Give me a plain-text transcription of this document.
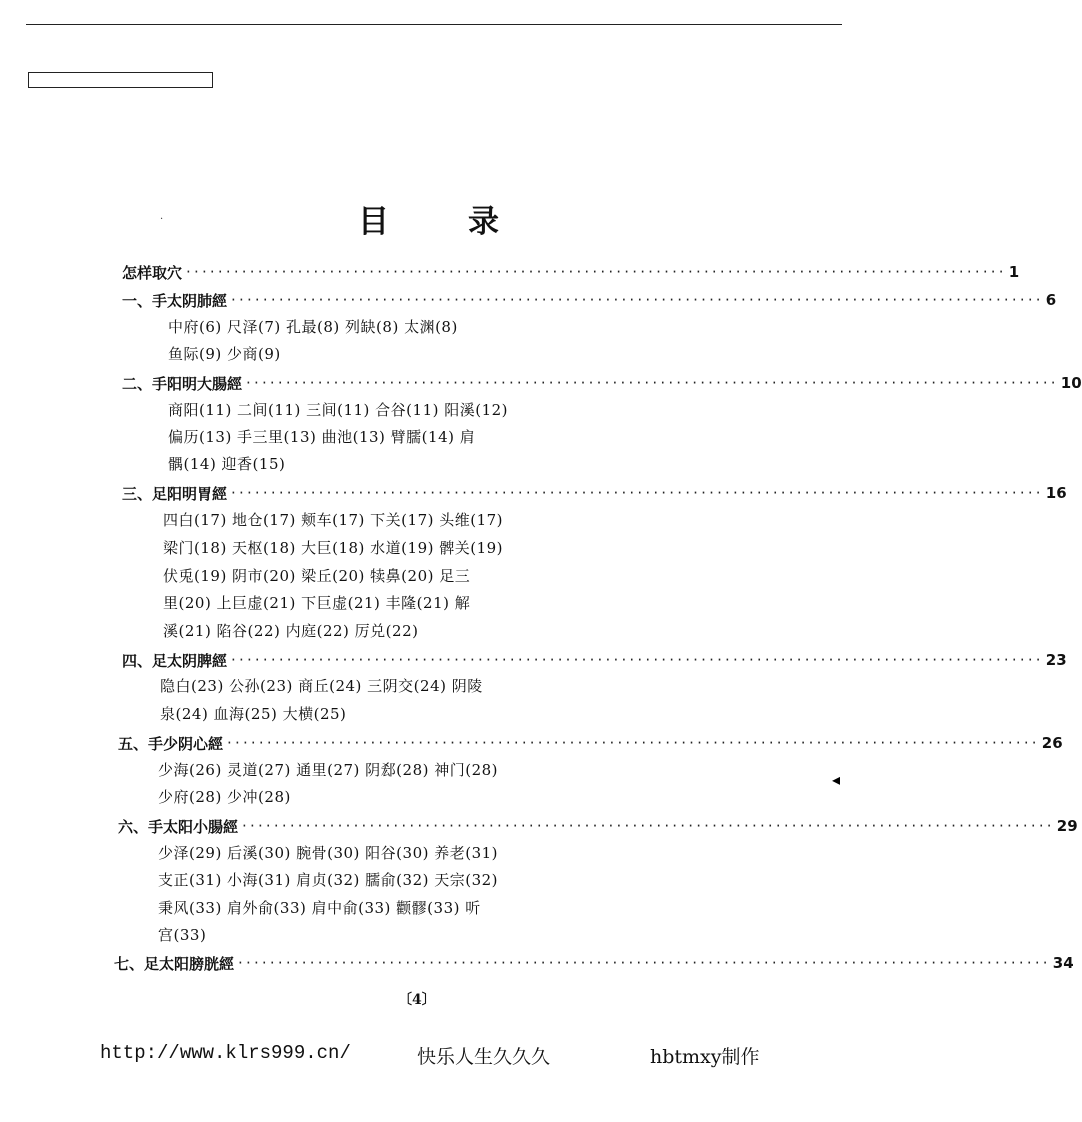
目	录
怎样取穴 ······································································································· 1
一、手太阴肺經 ······································································································ 6
中府(6) 尺泽(7) 孔最(8) 列缺(8) 太渊(8)
鱼际(9) 少商(9)
二、手阳明大腸經 ······································································································ 10
商阳(11) 二间(11) 三间(11) 合谷(11) 阳溪(12)
偏历(13) 手三里(13) 曲池(13) 臂臑(14) 肩
髃(14) 迎香(15)
三、足阳明胃經 ······································································································ 16
四白(17) 地仓(17) 颊车(17) 下关(17) 头维(17)
梁门(18) 天枢(18) 大巨(18) 水道(19) 髀关(19)
伏兎(19) 阴市(20) 梁丘(20) 犊鼻(20) 足三
里(20) 上巨虚(21) 下巨虚(21) 丰隆(21) 解
溪(21) 陷谷(22) 内庭(22) 厉兑(22)
四、足太阴脾經 ······································································································ 23
隐白(23) 公孙(23) 商丘(24) 三阴交(24) 阴陵
泉(24) 血海(25) 大横(25)
五、手少阴心經 ······································································································ 26
少海(26) 灵道(27) 通里(27) 阴郄(28) 神门(28)
少府(28) 少冲(28)
六、手太阳小腸經 ······································································································ 29
少泽(29) 后溪(30) 腕骨(30) 阳谷(30) 养老(31)
支正(31) 小海(31) 肩贞(32) 臑俞(32) 天宗(32)
秉风(33) 肩外俞(33) 肩中俞(33) 颧髎(33) 听
宫(33)
七、足太阳膀胱經 ······································································································ 34
〔4〕
http://www.klrs999.cn/	快乐人生久久久	hbtmxy制作
·
◂
